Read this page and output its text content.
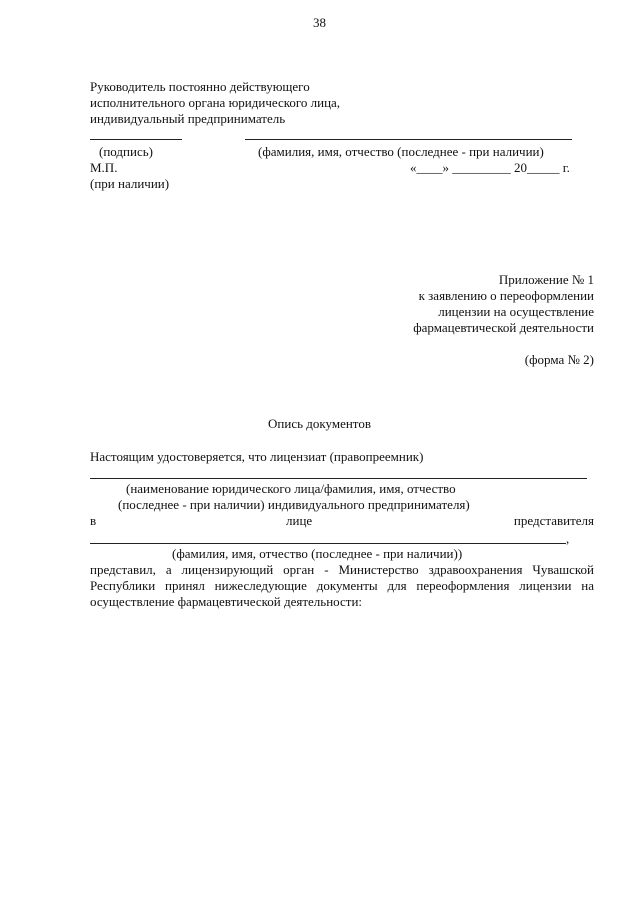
38
Руководитель постоянно действующего
исполнительного органа юридического лица,
индивидуальный предприниматель
(подпись)	(фамилия, имя, отчество (последнее - при наличии)
М.П.	«____» _________ 20_____ г.
(при наличии)
Приложение № 1
к заявлению о переоформлении
лицензии на осуществление
фармацевтической деятельности
(форма № 2)
Опись документов
Настоящим удостоверяется, что лицензиат (правопреемник)
(наименование юридического лица/фамилия, имя, отчество
(последнее - при наличии) индивидуального предпринимателя)
в	лице	представителя
,
(фамилия, имя, отчество (последнее - при наличии))
представил, а лицензирующий орган - Министерство здравоохранения Чувашской Республики принял нижеследующие документы для переоформления лицензии на осуществление фармацевтической деятельности:
